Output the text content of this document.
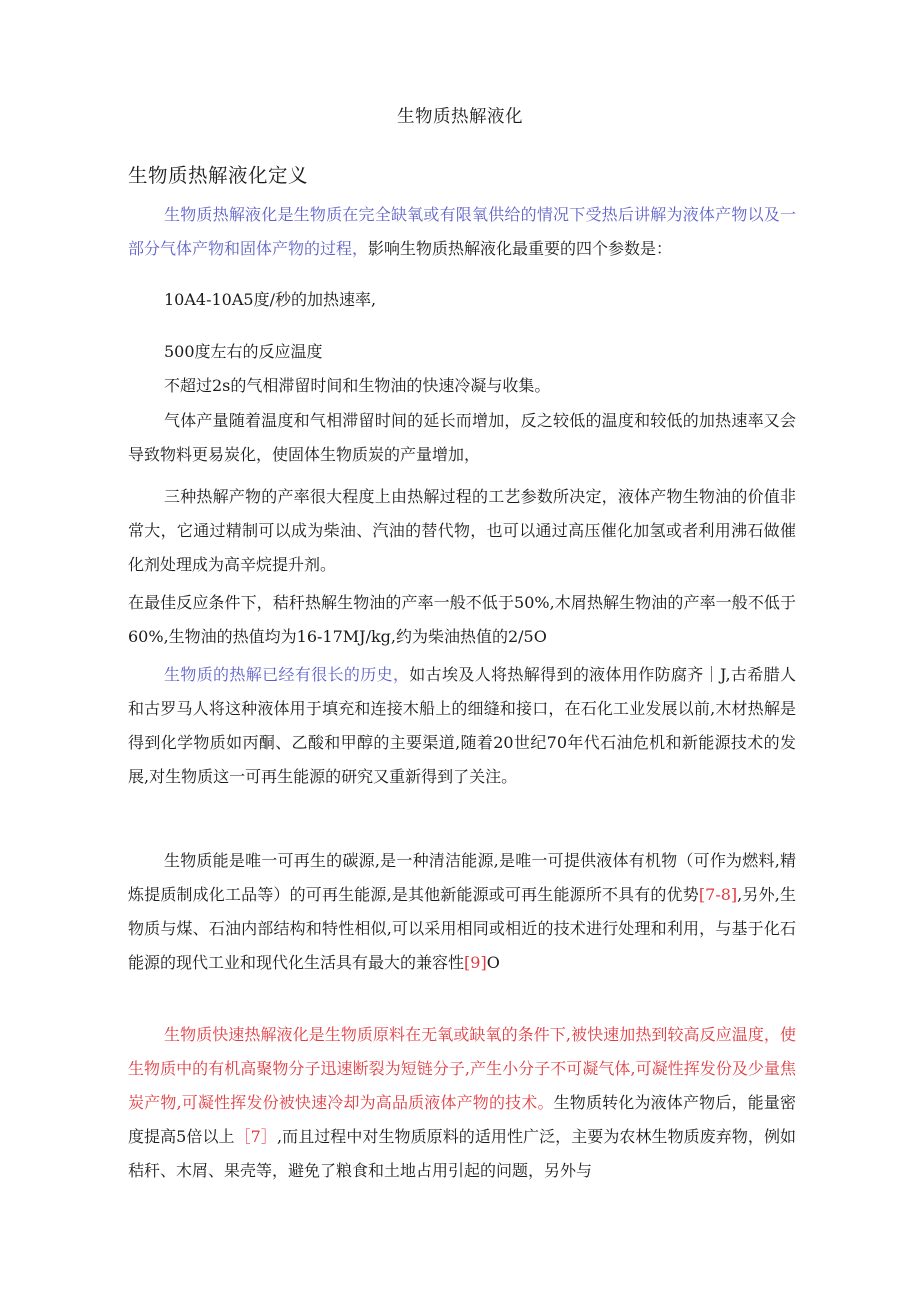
生物质热解液化
生物质热解液化定义

生物质热解液化是生物质在完全缺氧或有限氧供给的情况下受热后讲解为液体产物以及一部分气体产物和固体产物的过程，影响生物质热解液化最重要的四个参数是：

10A4-10A5度/秒的加热速率,
500度左右的反应温度
不超过2s的气相滞留时间和生物油的快速冷凝与收集。

气体产量随着温度和气相滞留时间的延长而增加，反之较低的温度和较低的加热速率又会导致物料更易炭化，使固体生物质炭的产量增加，

三种热解产物的产率很大程度上由热解过程的工艺参数所决定，液体产物生物油的价值非常大，它通过精制可以成为柴油、汽油的替代物，也可以通过高压催化加氢或者利用沸石做催化剂处理成为高辛烷提升剂。

在最佳反应条件下，秸秆热解生物油的产率一般不低于50%,木屑热解生物油的产率一般不低于60%,生物油的热值均为16-17MJ/kg,约为柴油热值的2/5O

生物质的热解已经有很长的历史，如古埃及人将热解得到的液体用作防腐齐｜J,古希腊人和古罗马人将这种液体用于填充和连接木船上的细缝和接口，在石化工业发展以前,木材热解是得到化学物质如丙酮、乙酸和甲醇的主要渠道,随着20世纪70年代石油危机和新能源技术的发展,对生物质这一可再生能源的研究又重新得到了关注。

生物质能是唯一可再生的碳源,是一种清洁能源,是唯一可提供液体有机物（可作为燃料,精炼提质制成化工品等）的可再生能源,是其他新能源或可再生能源所不具有的优势[7-8],另外,生物质与煤、石油内部结构和特性相似,可以采用相同或相近的技术进行处理和利用，与基于化石能源的现代工业和现代化生活具有最大的兼容性[9]O

生物质快速热解液化是生物质原料在无氧或缺氧的条件下,被快速加热到较高反应温度，使生物质中的有机高聚物分子迅速断裂为短链分子,产生小分子不可凝气体,可凝性挥发份及少量焦炭产物,可凝性挥发份被快速冷却为高品质液体产物的技术。生物质转化为液体产物后，能量密度提高5倍以上［7］,而且过程中对生物质原料的适用性广泛，主要为农林生物质废弃物，例如秸秆、木屑、果壳等，避免了粮食和土地占用引起的问题，另外与
